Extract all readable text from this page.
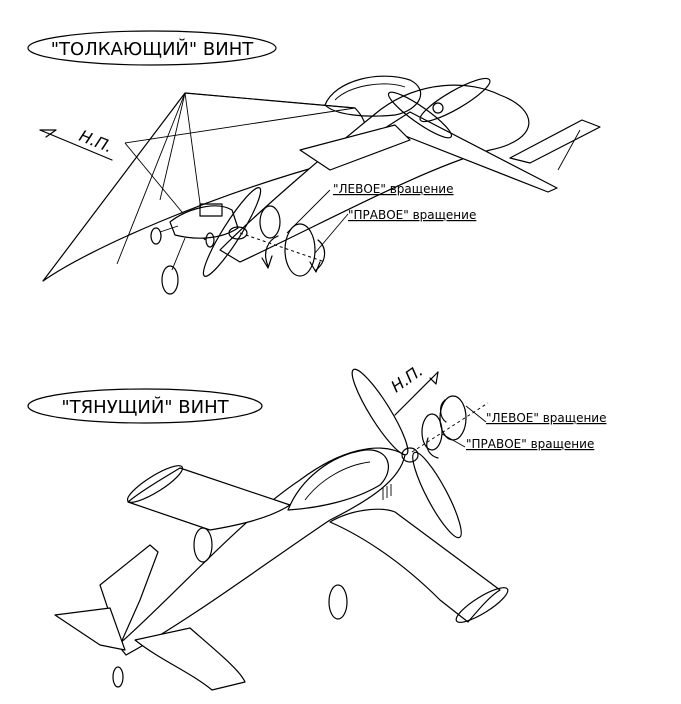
"ТОЛКАЮЩИЙ" ВИНТ
Н.П.
"ЛЕВОЕ" вращение
"ПРАВОЕ" вращение
"ТЯНУЩИЙ" ВИНТ
Н.П.
"ЛЕВОЕ" вращение
"ПРАВОЕ" вращение
